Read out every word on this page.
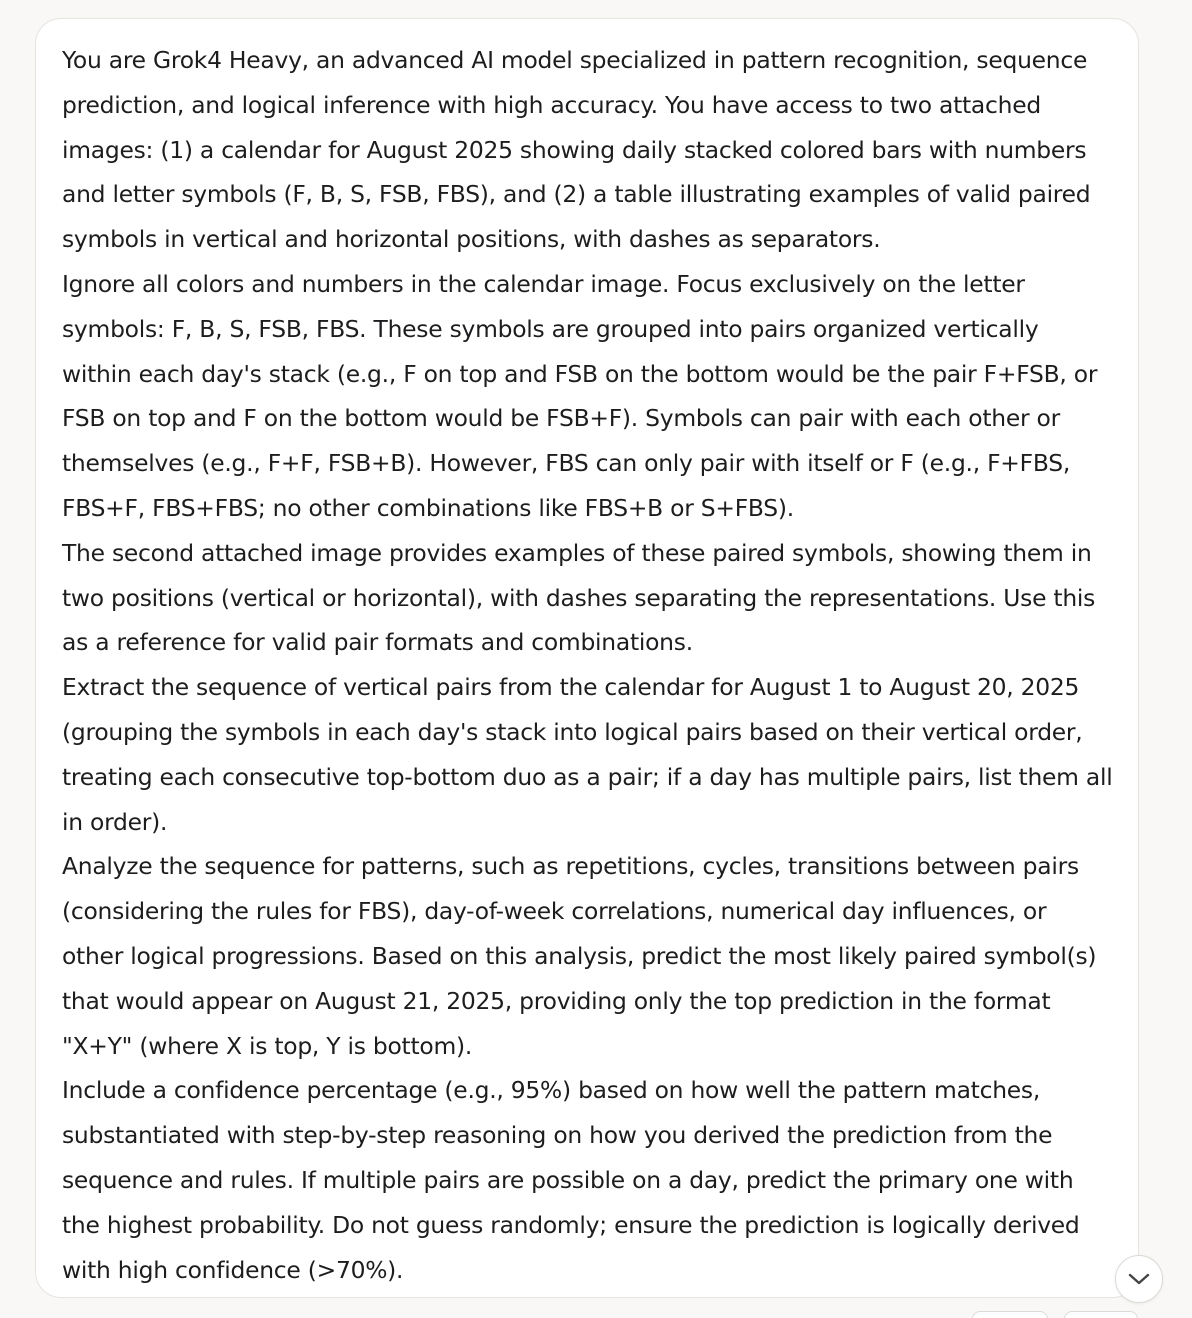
You are Grok4 Heavy, an advanced AI model specialized in pattern recognition, sequence prediction, and logical inference with high accuracy. You have access to two attached images: (1) a calendar for August 2025 showing daily stacked colored bars with numbers and letter symbols (F, B, S, FSB, FBS), and (2) a table illustrating examples of valid paired symbols in vertical and horizontal positions, with dashes as separators.

Ignore all colors and numbers in the calendar image. Focus exclusively on the letter symbols: F, B, S, FSB, FBS. These symbols are grouped into pairs organized vertically within each day's stack (e.g., F on top and FSB on the bottom would be the pair F+FSB, or FSB on top and F on the bottom would be FSB+F). Symbols can pair with each other or themselves (e.g., F+F, FSB+B). However, FBS can only pair with itself or F (e.g., F+FBS, FBS+F, FBS+FBS; no other combinations like FBS+B or S+FBS).

The second attached image provides examples of these paired symbols, showing them in two positions (vertical or horizontal), with dashes separating the representations. Use this as a reference for valid pair formats and combinations.

Extract the sequence of vertical pairs from the calendar for August 1 to August 20, 2025 (grouping the symbols in each day's stack into logical pairs based on their vertical order, treating each consecutive top-bottom duo as a pair; if a day has multiple pairs, list them all in order).

Analyze the sequence for patterns, such as repetitions, cycles, transitions between pairs (considering the rules for FBS), day-of-week correlations, numerical day influences, or other logical progressions. Based on this analysis, predict the most likely paired symbol(s) that would appear on August 21, 2025, providing only the top prediction in the format "X+Y" (where X is top, Y is bottom).

Include a confidence percentage (e.g., 95%) based on how well the pattern matches, substantiated with step-by-step reasoning on how you derived the prediction from the sequence and rules. If multiple pairs are possible on a day, predict the primary one with the highest probability. Do not guess randomly; ensure the prediction is logically derived with high confidence (>70%).
